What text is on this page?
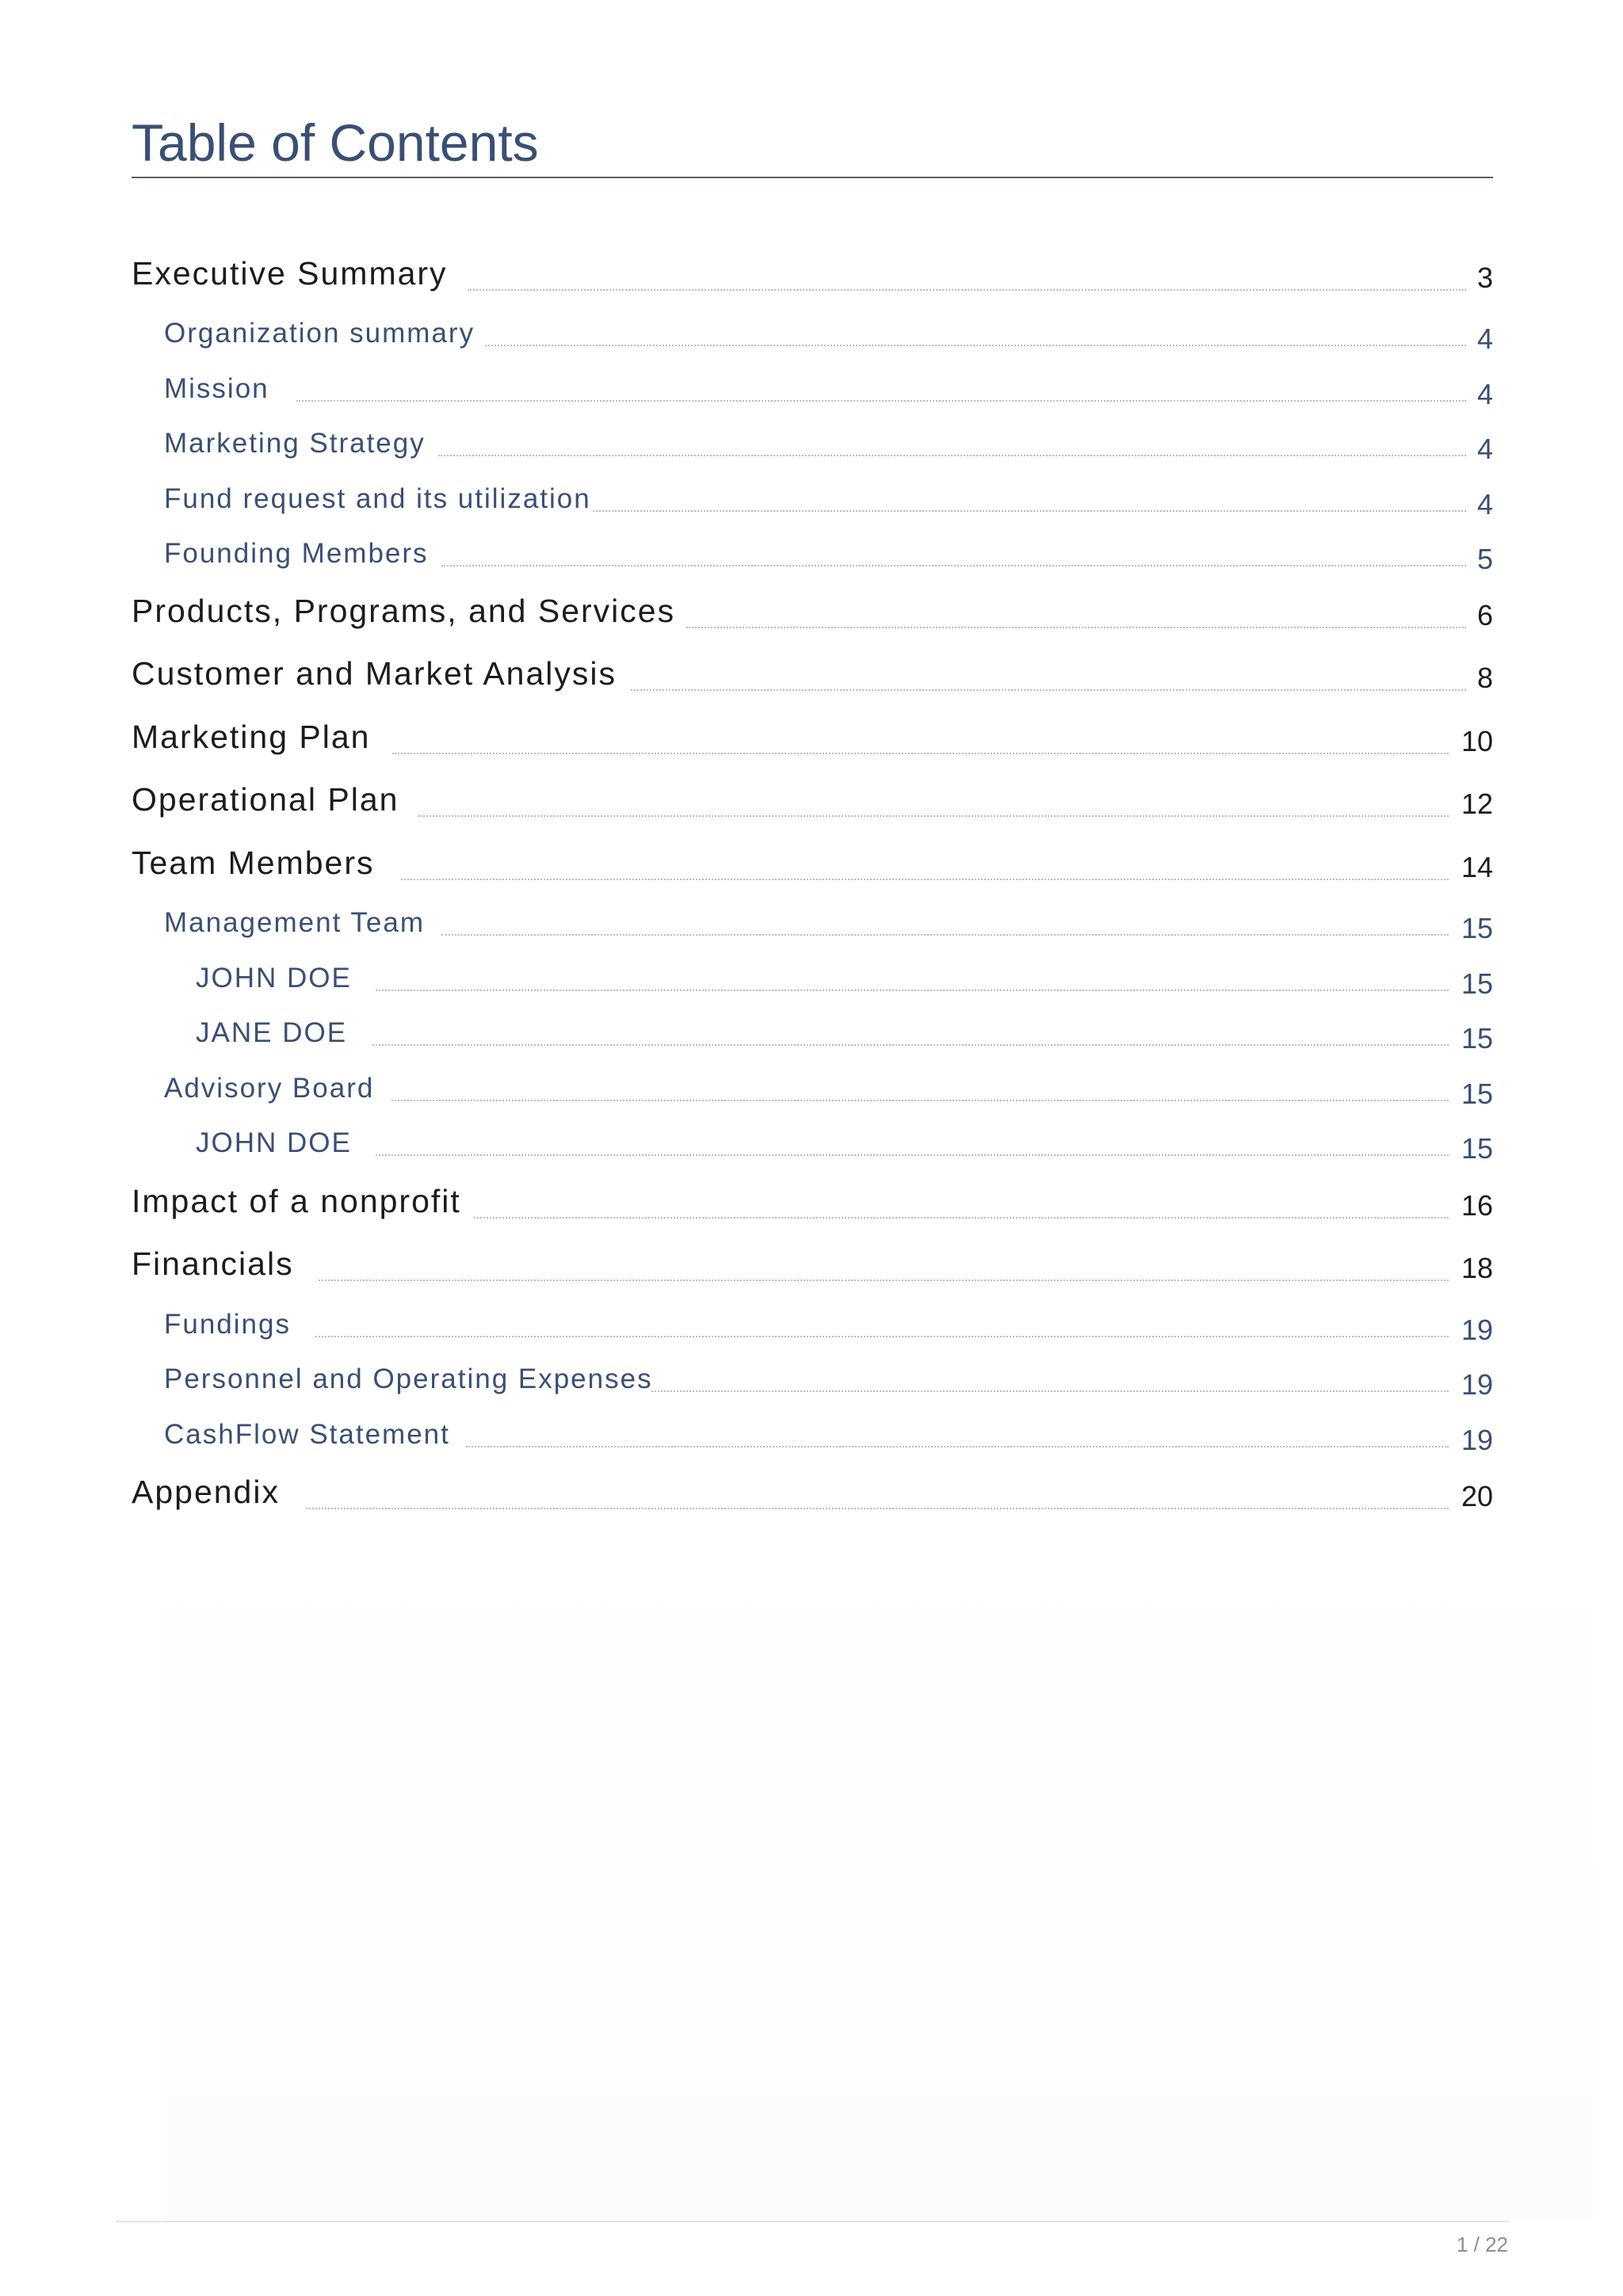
Table of Contents
Executive Summary	3
Organization summary	4
Mission	4
Marketing Strategy	4
Fund request and its utilization	4
Founding Members	5
Products, Programs, and Services	6
Customer and Market Analysis	8
Marketing Plan	10
Operational Plan	12
Team Members	14
Management Team	15
JOHN DOE	15
JANE DOE	15
Advisory Board	15
JOHN DOE	15
Impact of a nonprofit	16
Financials	18
Fundings	19
Personnel and Operating Expenses	19
CashFlow Statement	19
Appendix	20
1 / 22
